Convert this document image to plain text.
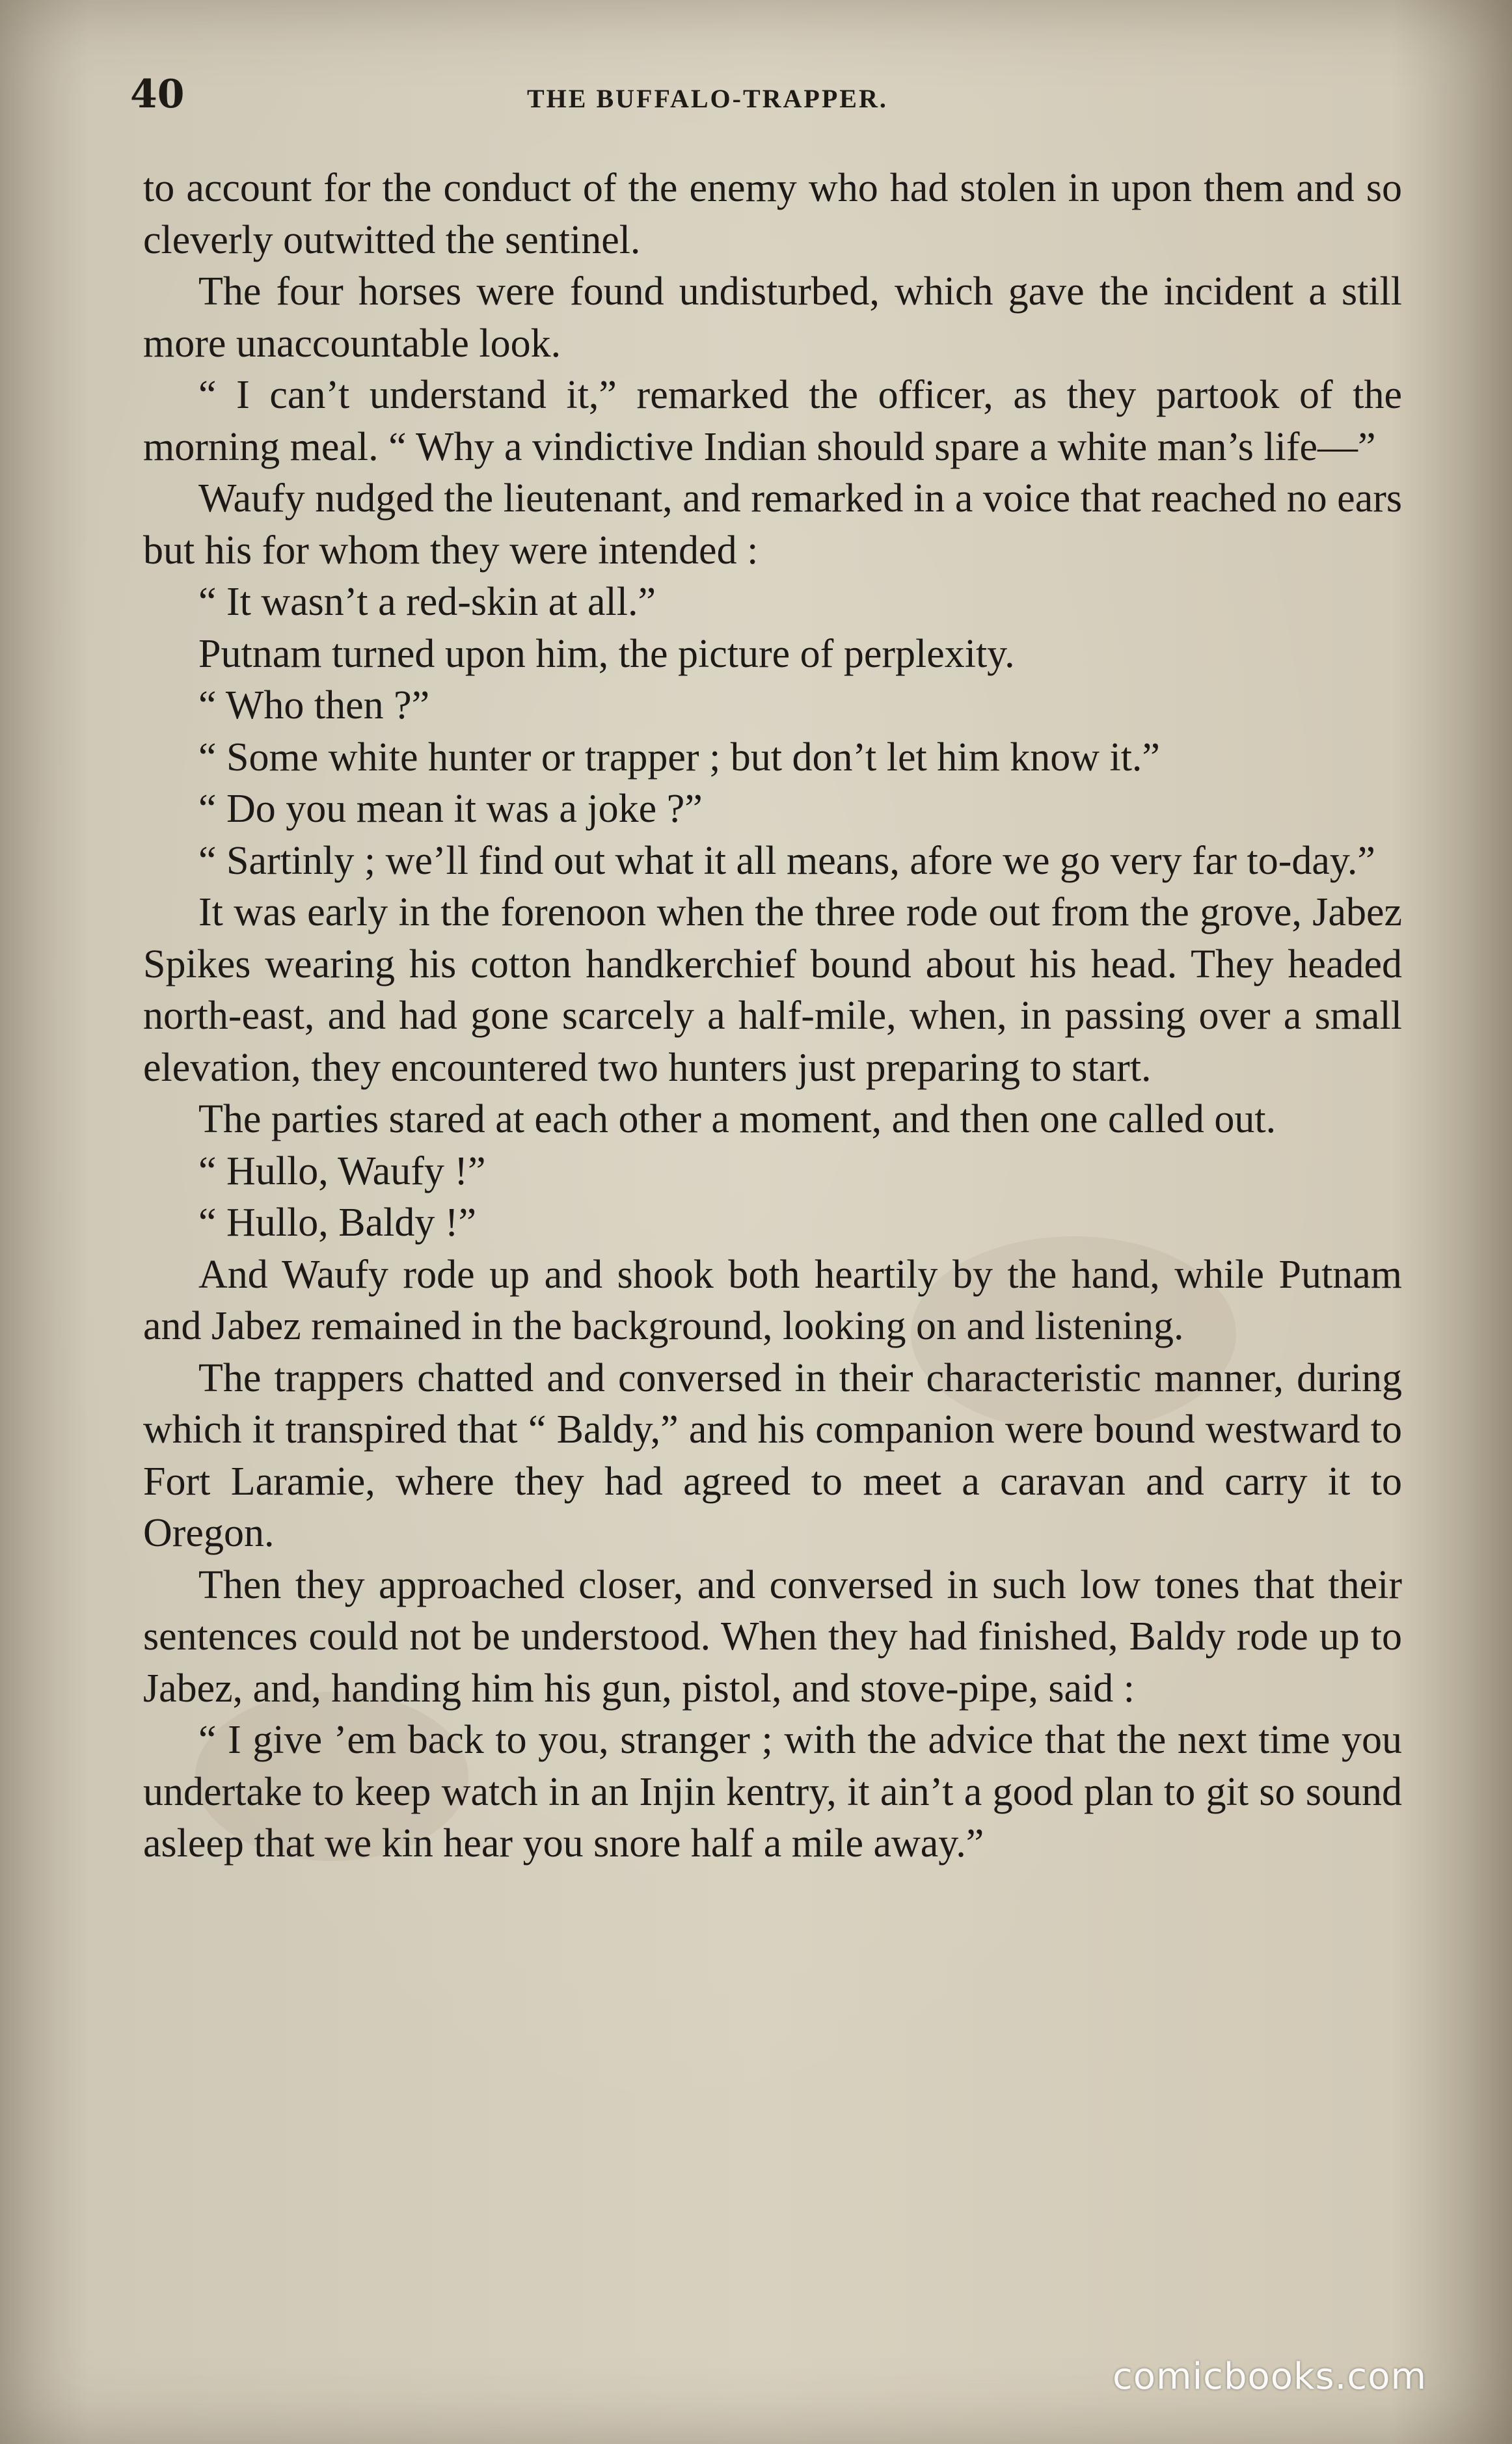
40	THE BUFFALO-TRAPPER.

to account for the conduct of the enemy who had stolen in upon them and so cleverly outwitted the sentinel.

The four horses were found undisturbed, which gave the incident a still more unaccountable look.

“ I can’t understand it,” remarked the officer, as they partook of the morning meal. “ Why a vindictive Indian should spare a white man’s life—”

Waufy nudged the lieutenant, and remarked in a voice that reached no ears but his for whom they were intended :

“ It wasn’t a red-skin at all.”

Putnam turned upon him, the picture of perplexity.

“ Who then ?”

“ Some white hunter or trapper ; but don’t let him know it.”

“ Do you mean it was a joke ?”

“ Sartinly ; we’ll find out what it all means, afore we go very far to-day.”

It was early in the forenoon when the three rode out from the grove, Jabez Spikes wearing his cotton handkerchief bound about his head. They headed north-east, and had gone scarcely a half-mile, when, in passing over a small elevation, they encountered two hunters just preparing to start.

The parties stared at each other a moment, and then one called out.

“ Hullo, Waufy !”

“ Hullo, Baldy !”

And Waufy rode up and shook both heartily by the hand, while Putnam and Jabez remained in the background, looking on and listening.

The trappers chatted and conversed in their characteristic manner, during which it transpired that “ Baldy,” and his companion were bound westward to Fort Laramie, where they had agreed to meet a caravan and carry it to Oregon.

Then they approached closer, and conversed in such low tones that their sentences could not be understood. When they had finished, Baldy rode up to Jabez, and, handing him his gun, pistol, and stove-pipe, said :

“ I give ’em back to you, stranger ; with the advice that the next time you undertake to keep watch in an Injin kentry, it ain’t a good plan to git so sound asleep that we kin hear you snore half a mile away.”

comicbooks.com
